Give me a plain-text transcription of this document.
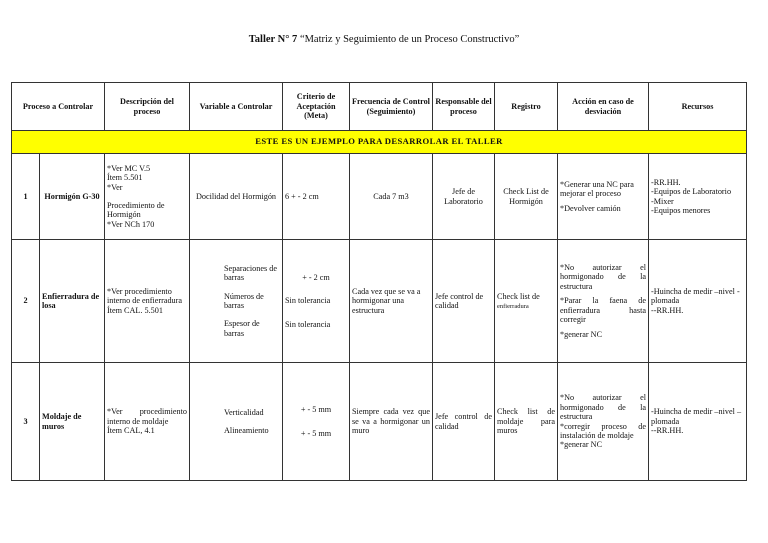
Taller N° 7 “Matriz y Seguimiento de un Proceso Constructivo”
Proceso a Controlar		Descripción del proceso	Variable a Controlar	Criterio de Aceptación (Meta)	Frecuencia de Control (Seguimiento)	Responsable del proceso	Registro	Acción en caso de desviación	Recursos
ESTE ES UN EJEMPLO PARA DESARROLAR EL TALLER									
1	Hormigón G-30	*Ver MC V.5
Ítem 5.501
*Ver
Procedimiento de Hormigón
*Ver NCh 170	Docilidad del Hormigón	6 + - 2 cm	Cada 7 m3	Jefe de Laboratorio	Check List de Hormigón	*Generar una NC para mejorar el proceso
*Devolver camión	-RR.HH.
-Equipos de Laboratorio
-Mixer
-Equipos menores

2	Enfierradura de losa	*Ver procedimiento interno de enfierradura
Ítem CAL. 5.501	Separaciones de barras
Números de barras
Espesor de barras	+ - 2 cm
Sin tolerancia
Sin tolerancia	Cada vez que se va a hormigonar una estructura	Jefe control de calidad	Check list de enfierradura	*No autorizar el hormigonado de la estructura
*Parar la faena de enfierradura hasta corregir
*generar NC	-Huincha de medir –nivel -plomada
--RR.HH.

3	Moldaje de muros	*Ver procedimiento interno de moldaje
Ítem CAL, 4.1	Verticalidad
Alineamiento	+ - 5 mm
+ - 5 mm	Siempre cada vez que se va a hormigonar un muro	Jefe control de calidad	Check list de moldaje para muros	*No autorizar el hormigonado de la estructura
*corregir proceso de instalación de moldaje
*generar NC	-Huincha de medir –nivel –plomada
--RR.HH.
